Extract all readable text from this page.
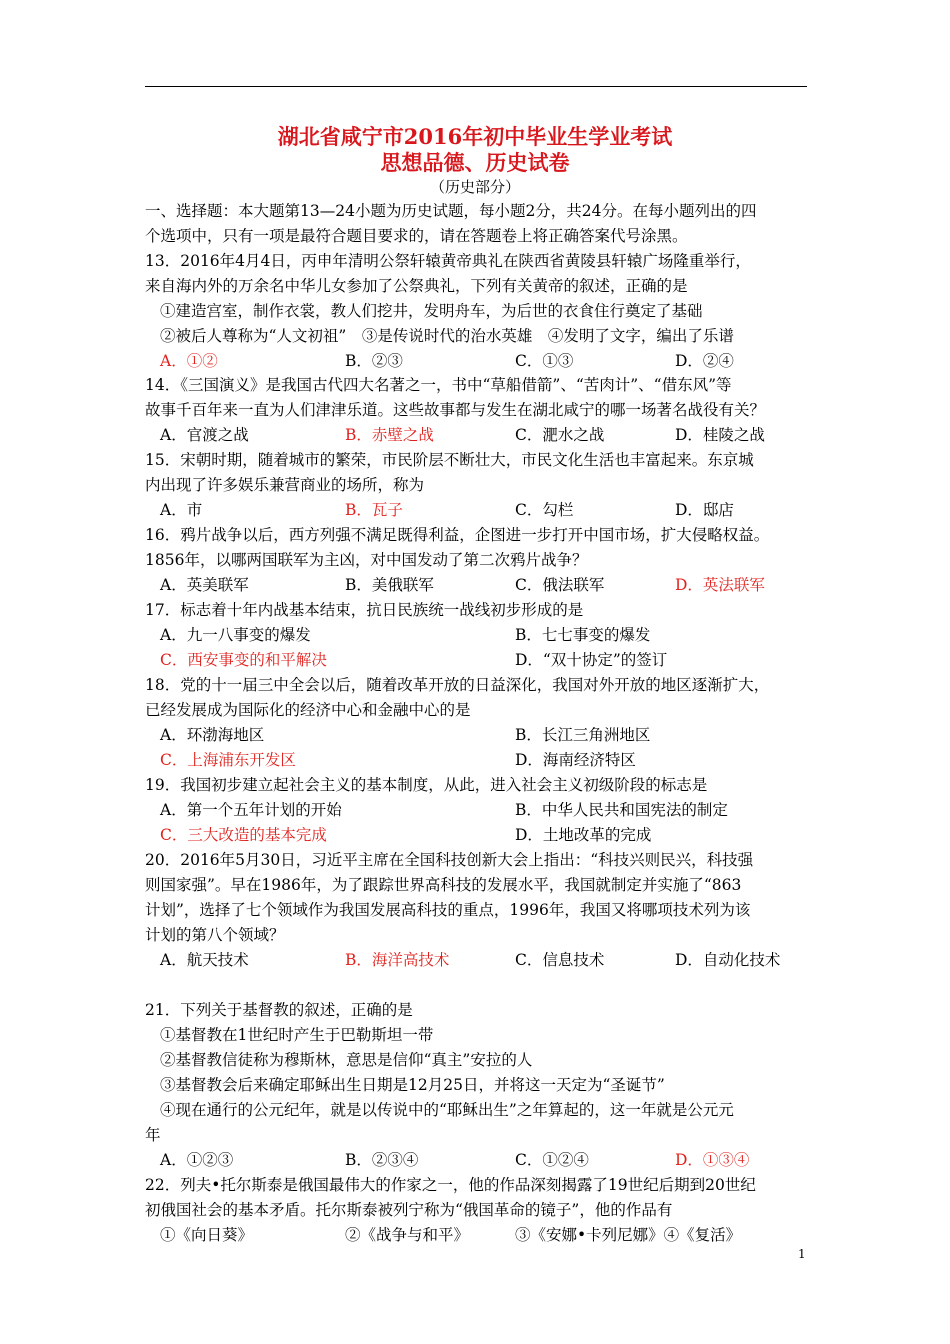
湖北省咸宁市2016年初中毕业生学业考试
思想品德、历史试卷
（历史部分）
一、选择题：本大题第13—24小题为历史试题，每小题2分，共24分。在每小题列出的四
个选项中，只有一项是最符合题目要求的，请在答题卷上将正确答案代号涂黑。
13．2016年4月4日，丙申年清明公祭轩辕黄帝典礼在陕西省黄陵县轩辕广场隆重举行，
来自海内外的万余名中华儿女参加了公祭典礼，下列有关黄帝的叙述，正确的是
①建造宫室，制作衣裳，教人们挖井，发明舟车，为后世的衣食住行奠定了基础
②被后人尊称为“人文初祖”　③是传说时代的治水英雄　④发明了文字，编出了乐谱
A．①②	B．②③	C．①③	D．②④
14．《三国演义》是我国古代四大名著之一，书中“草船借箭”、“苦肉计”、“借东风”等
故事千百年来一直为人们津津乐道。这些故事都与发生在湖北咸宁的哪一场著名战役有关？
A．官渡之战	B．赤壁之战	C．淝水之战	D．桂陵之战
15．宋朝时期，随着城市的繁荣，市民阶层不断壮大，市民文化生活也丰富起来。东京城
内出现了许多娱乐兼营商业的场所，称为
A．市	B．瓦子	C．勾栏	D．邸店
16．鸦片战争以后，西方列强不满足既得利益，企图进一步打开中国市场，扩大侵略权益。
1856年，以哪两国联军为主凶，对中国发动了第二次鸦片战争？
A．英美联军	B．美俄联军	C．俄法联军	D．英法联军
17．标志着十年内战基本结束，抗日民族统一战线初步形成的是
A．九一八事变的爆发	B．七七事变的爆发
C．西安事变的和平解决	D．“双十协定”的签订
18．党的十一届三中全会以后，随着改革开放的日益深化，我国对外开放的地区逐渐扩大，
已经发展成为国际化的经济中心和金融中心的是
A．环渤海地区	B．长江三角洲地区
C．上海浦东开发区	D．海南经济特区
19．我国初步建立起社会主义的基本制度，从此，进入社会主义初级阶段的标志是
A．第一个五年计划的开始	B．中华人民共和国宪法的制定
C．三大改造的基本完成	D．土地改革的完成
20．2016年5月30日，习近平主席在全国科技创新大会上指出：“科技兴则民兴，科技强
则国家强”。早在1986年，为了跟踪世界高科技的发展水平，我国就制定并实施了“863
计划”，选择了七个领域作为我国发展高科技的重点，1996年，我国又将哪项技术列为该
计划的第八个领域？
A．航天技术	B．海洋高技术	C．信息技术	D．自动化技术
21．下列关于基督教的叙述，正确的是
①基督教在1世纪时产生于巴勒斯坦一带
②基督教信徒称为穆斯林，意思是信仰“真主”安拉的人
③基督教会后来确定耶稣出生日期是12月25日，并将这一天定为“圣诞节”
④现在通行的公元纪年，就是以传说中的“耶稣出生”之年算起的，这一年就是公元元
年
A．①②③	B．②③④	C．①②④	D．①③④
22．列夫•托尔斯泰是俄国最伟大的作家之一，他的作品深刻揭露了19世纪后期到20世纪
初俄国社会的基本矛盾。托尔斯泰被列宁称为“俄国革命的镜子”，他的作品有
①《向日葵》	②《战争与和平》	③《安娜•卡列尼娜》④《复活》
1
